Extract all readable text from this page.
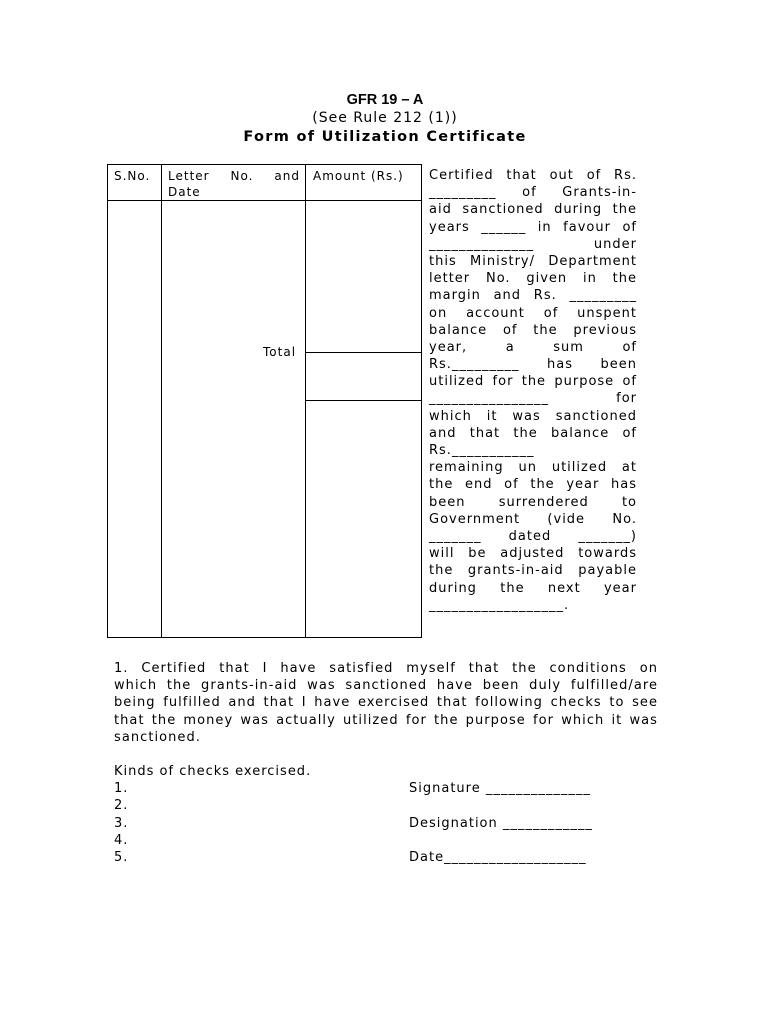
GFR 19 – A
(See Rule 212 (1))
Form of Utilization Certificate
S.No. Letter No. and
Date
Amount (Rs.)
Total
Certified that out of Rs.
_________ of Grants-in-
aid sanctioned during the
years ______ in favour of
______________ under
this Ministry/ Department
letter No. given in the
margin and Rs. _________
on account of unspent
balance of the previous
year, a sum of
Rs._________ has been
utilized for the purpose of
________________ for
which it was sanctioned
and that the balance of
Rs.___________
remaining un utilized at
the end of the year has
been surrendered to
Government (vide No.
_______ dated _______)
will be adjusted towards
the grants-in-aid payable
during the next year
__________________.
1. Certified that I have satisfied myself that the conditions on
which the grants-in-aid was sanctioned have been duly fulfilled/are
being fulfilled and that I have exercised that following checks to see
that the money was actually utilized for the purpose for which it was
sanctioned.
Kinds of checks exercised.
1.
2.
3.
4.
5.
Signature ______________
Designation ____________
Date___________________
